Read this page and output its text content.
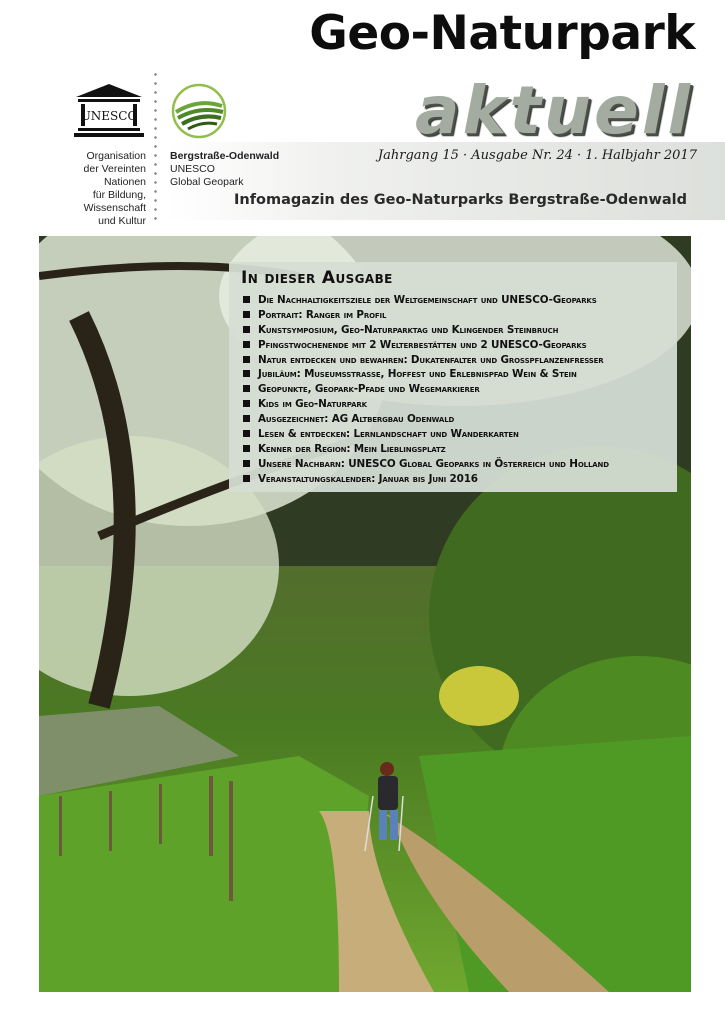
Geo-Naturpark
aktuell
Jahrgang 15 · Ausgabe Nr. 24 · 1. Halbjahr 2017
Infomagazin des Geo-Naturparks Bergstraße-Odenwald
UNESCO
Organisation
der Vereinten Nationen
für Bildung, Wissenschaft
und Kultur
Bergstraße-Odenwald
UNESCO
Global Geopark
In dieser Ausgabe
Die Nachhaltigkeitsziele der Weltgemeinschaft und UNESCO-Geoparks
Portrait: Ranger im Profil
Kunstsymposium, Geo-Naturparktag und Klingender Steinbruch
Pfingstwochenende mit 2 Welterbestätten und 2 UNESCO-Geoparks
Natur entdecken und bewahren: Dukatenfalter und Großpflanzenfresser
Jubiläum: Museumsstraße, Hoffest und Erlebnispfad Wein & Stein
Geopunkte, Geopark-Pfade und Wegemarkierer
Kids im Geo-Naturpark
Ausgezeichnet: AG Altbergbau Odenwald
Lesen & entdecken: Lernlandschaft und Wanderkarten
Kenner der Region: Mein Lieblingsplatz
Unsere Nachbarn: UNESCO Global Geoparks in Österreich und Holland
Veranstaltungskalender: Januar bis Juni 2016
